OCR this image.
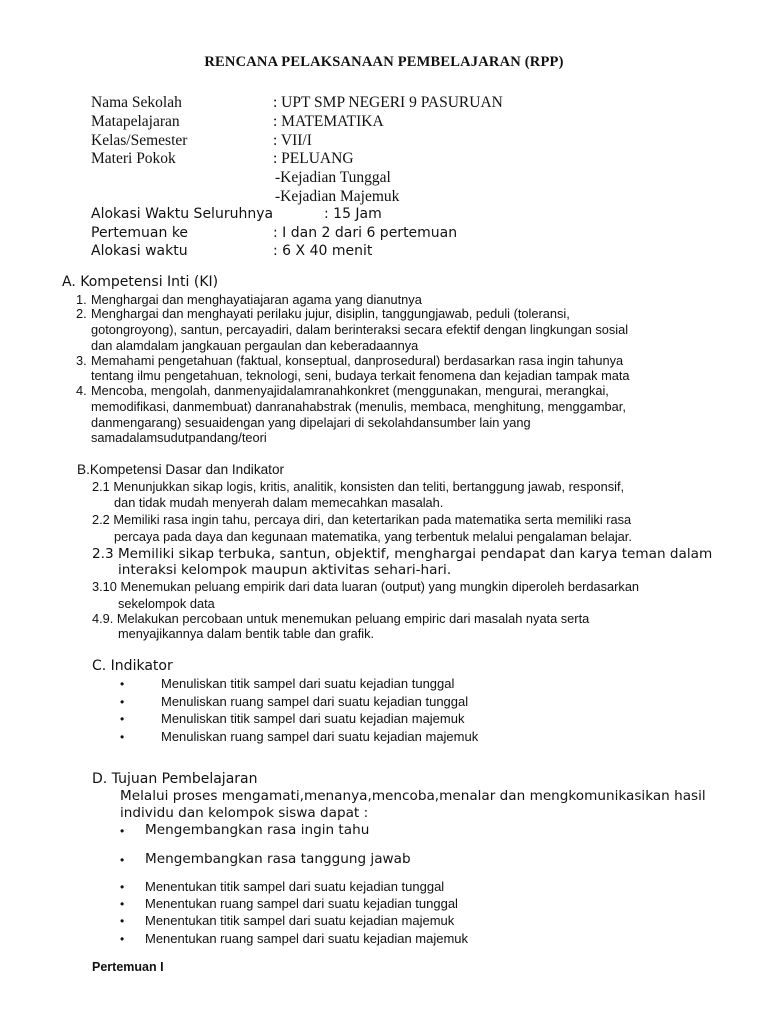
RENCANA PELAKSANAAN PEMBELAJARAN (RPP)
Nama Sekolah	: UPT SMP NEGERI 9 PASURUAN
Matapelajaran	: MATEMATIKA
Kelas/Semester	: VII/I
Materi Pokok	: PELUANG
-Kejadian Tunggal
-Kejadian Majemuk
Alokasi Waktu Seluruhnya	: 15 Jam
Pertemuan ke	: I dan 2 dari 6 pertemuan
Alokasi waktu	: 6 X 40 menit
A. Kompetensi Inti (KI)
1. Menghargai dan menghayatiajaran agama yang dianutnya
2. Menghargai dan menghayati perilaku jujur, disiplin, tanggungjawab, peduli (toleransi,
gotongroyong), santun, percayadiri, dalam berinteraksi secara efektif dengan lingkungan sosial
dan alamdalam jangkauan pergaulan dan keberadaannya
3. Memahami pengetahuan (faktual, konseptual, danprosedural) berdasarkan rasa ingin tahunya
tentang ilmu pengetahuan, teknologi, seni, budaya terkait fenomena dan kejadian tampak mata
4. Mencoba, mengolah, danmenyajidalamranahkonkret (menggunakan, mengurai, merangkai,
memodifikasi, danmembuat) danranahabstrak (menulis, membaca, menghitung, menggambar,
danmengarang) sesuaidengan yang dipelajari di sekolahdansumber lain yang
samadalamsudutpandang/teori
B.Kompetensi Dasar dan Indikator
2.1 Menunjukkan sikap logis, kritis, analitik, konsisten dan teliti, bertanggung jawab, responsif,
dan tidak mudah menyerah dalam memecahkan masalah.
2.2 Memiliki rasa ingin tahu, percaya diri, dan ketertarikan pada matematika serta memiliki rasa
percaya pada daya dan kegunaan matematika, yang terbentuk melalui pengalaman belajar.
2.3 Memiliki sikap terbuka, santun, objektif, menghargai pendapat dan karya teman dalam
interaksi kelompok maupun aktivitas sehari-hari.
3.10 Menemukan peluang empirik dari data luaran (output) yang mungkin diperoleh berdasarkan
sekelompok data
4.9. Melakukan percobaan untuk menemukan peluang empiric dari masalah nyata serta
menyajikannya dalam bentik table dan grafik.
C. Indikator
•	Menuliskan titik sampel dari suatu kejadian tunggal
•	Menuliskan ruang sampel dari suatu kejadian tunggal
•	Menuliskan titik sampel dari suatu kejadian majemuk
•	Menuliskan ruang sampel dari suatu kejadian majemuk
D. Tujuan Pembelajaran
Melalui proses mengamati,menanya,mencoba,menalar dan mengkomunikasikan hasil
individu dan kelompok siswa dapat :
• Mengembangkan rasa ingin tahu
• Mengembangkan rasa tanggung jawab
• Menentukan titik sampel dari suatu kejadian tunggal
• Menentukan ruang sampel dari suatu kejadian tunggal
• Menentukan titik sampel dari suatu kejadian majemuk
• Menentukan ruang sampel dari suatu kejadian majemuk
Pertemuan I
